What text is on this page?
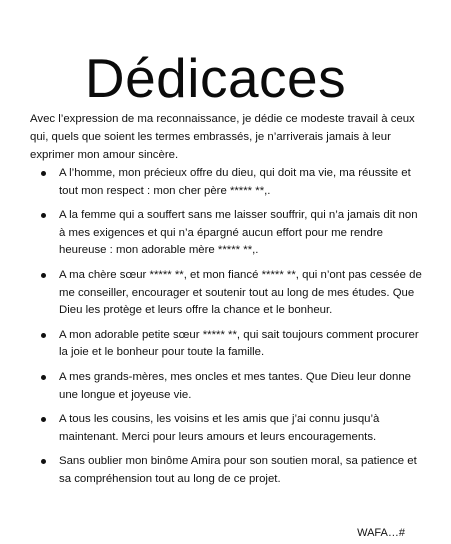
Dédicaces

Avec l’expression de ma reconnaissance, je dédie ce modeste travail à ceux qui, quels que soient les termes embrassés, je n’arriverais jamais à leur exprimer mon amour sincère.

A l’homme, mon précieux offre du dieu, qui doit ma vie, ma réussite et tout mon respect : mon cher père ***** **,.
A la femme qui a souffert sans me laisser souffrir, qui n’a jamais dit non à mes exigences et qui n’a épargné aucun effort pour me rendre heureuse : mon adorable mère ***** **,.
A ma chère sœur ***** **, et mon fiancé ***** **, qui n’ont pas cessée de me conseiller, encourager et soutenir tout au long de mes études. Que Dieu les protège et leurs offre la chance et le bonheur.
A mon adorable petite sœur ***** **, qui sait toujours comment procurer la joie et le bonheur pour toute la famille.
A mes grands-mères, mes oncles et mes tantes. Que Dieu leur donne une longue et joyeuse vie.
A tous les cousins, les voisins et les amis que j’ai connu jusqu’à maintenant. Merci pour leurs amours et leurs encouragements.
Sans oublier mon binôme Amira pour son soutien moral, sa patience et sa compréhension tout au long de ce projet.
WAFA…#
